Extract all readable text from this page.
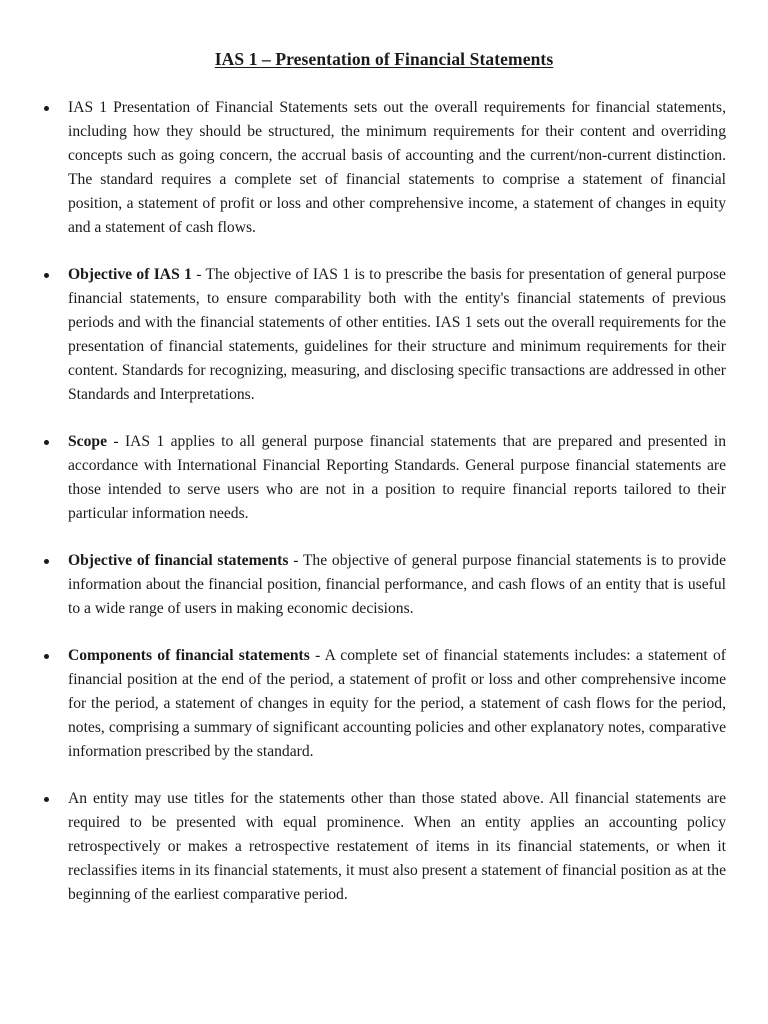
IAS 1 – Presentation of Financial Statements
IAS 1 Presentation of Financial Statements sets out the overall requirements for financial statements, including how they should be structured, the minimum requirements for their content and overriding concepts such as going concern, the accrual basis of accounting and the current/non-current distinction. The standard requires a complete set of financial statements to comprise a statement of financial position, a statement of profit or loss and other comprehensive income, a statement of changes in equity and a statement of cash flows.
Objective of IAS 1 - The objective of IAS 1 is to prescribe the basis for presentation of general purpose financial statements, to ensure comparability both with the entity's financial statements of previous periods and with the financial statements of other entities. IAS 1 sets out the overall requirements for the presentation of financial statements, guidelines for their structure and minimum requirements for their content. Standards for recognizing, measuring, and disclosing specific transactions are addressed in other Standards and Interpretations.
Scope - IAS 1 applies to all general purpose financial statements that are prepared and presented in accordance with International Financial Reporting Standards. General purpose financial statements are those intended to serve users who are not in a position to require financial reports tailored to their particular information needs.
Objective of financial statements - The objective of general purpose financial statements is to provide information about the financial position, financial performance, and cash flows of an entity that is useful to a wide range of users in making economic decisions.
Components of financial statements - A complete set of financial statements includes: a statement of financial position at the end of the period, a statement of profit or loss and other comprehensive income for the period, a statement of changes in equity for the period, a statement of cash flows for the period, notes, comprising a summary of significant accounting policies and other explanatory notes, comparative information prescribed by the standard.
An entity may use titles for the statements other than those stated above. All financial statements are required to be presented with equal prominence. When an entity applies an accounting policy retrospectively or makes a retrospective restatement of items in its financial statements, or when it reclassifies items in its financial statements, it must also present a statement of financial position as at the beginning of the earliest comparative period.
